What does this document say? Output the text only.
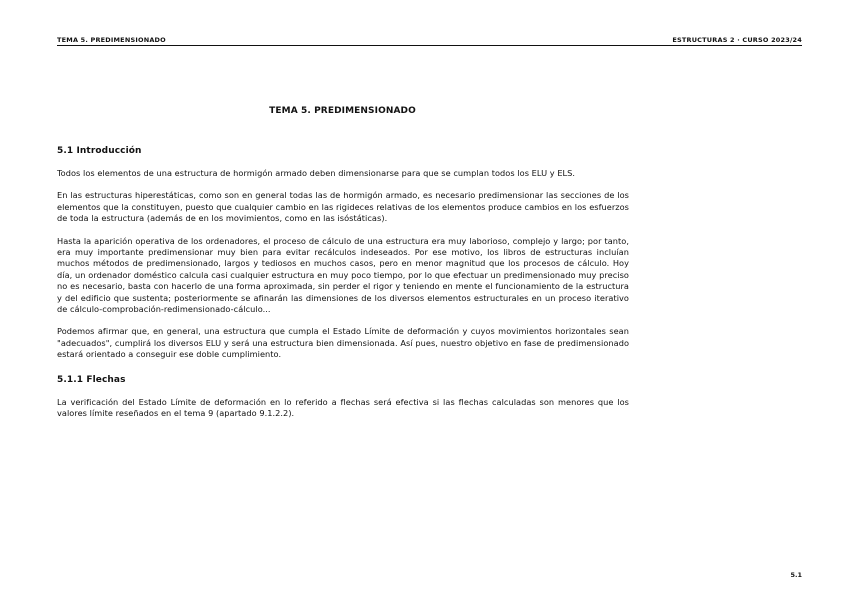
TEMA 5. PREDIMENSIONADO	ESTRUCTURAS 2 · CURSO 2023/24
TEMA 5. PREDIMENSIONADO
5.1 Introducción

Todos los elementos de una estructura de hormigón armado deben dimensionarse para que se cumplan todos los ELU y ELS.

En las estructuras hiperestáticas, como son en general todas las de hormigón armado, es necesario predimensionar las secciones de los elementos que la constituyen, puesto que cualquier cambio en las rigideces relativas de los elementos produce cambios en los esfuerzos de toda la estructura (además de en los movimientos, como en las isóstáticas).

Hasta la aparición operativa de los ordenadores, el proceso de cálculo de una estructura era muy laborioso, complejo y largo; por tanto, era muy importante predimensionar muy bien para evitar recálculos indeseados. Por ese motivo, los libros de estructuras incluían muchos métodos de predimensionado, largos y tediosos en muchos casos, pero en menor magnitud que los procesos de cálculo. Hoy día, un ordenador doméstico calcula casi cualquier estructura en muy poco tiempo, por lo que efectuar un predimensionado muy preciso no es necesario, basta con hacerlo de una forma aproximada, sin perder el rigor y teniendo en mente el funcionamiento de la estructura y del edificio que sustenta; posteriormente se afinarán las dimensiones de los diversos elementos estructurales en un proceso iterativo de cálculo-comprobación-redimensionado-cálculo...

Podemos afirmar que, en general, una estructura que cumpla el Estado Límite de deformación y cuyos movimientos horizontales sean "adecuados", cumplirá los diversos ELU y será una estructura bien dimensionada. Así pues, nuestro objetivo en fase de predimensionado estará orientado a conseguir ese doble cumplimiento.

5.1.1 Flechas

La verificación del Estado Límite de deformación en lo referido a flechas será efectiva si las flechas calculadas son menores que los valores límite reseñados en el tema 9 (apartado 9.1.2.2).

5.1
